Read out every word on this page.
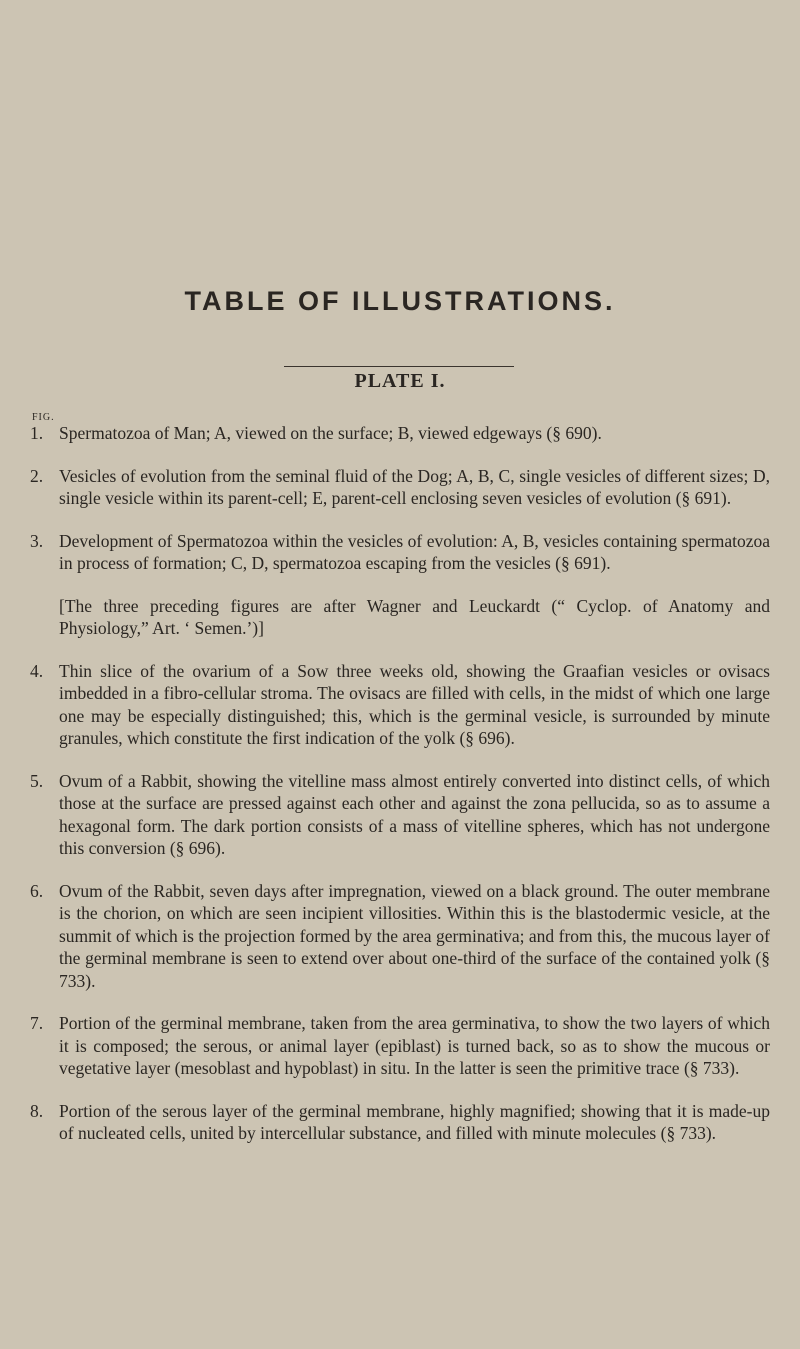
TABLE OF ILLUSTRATIONS.
PLATE I.
FIG.
1. Spermatozoa of Man; A, viewed on the surface; B, viewed edgeways (§ 690).
2. Vesicles of evolution from the seminal fluid of the Dog; A, B, C, single vesicles of different sizes; D, single vesicle within its parent-cell; E, parent-cell enclosing seven vesicles of evolution (§ 691).
3. Development of Spermatozoa within the vesicles of evolution: A, B, vesicles containing spermatozoa in process of formation; C, D, spermatozoa escaping from the vesicles (§ 691).
[The three preceding figures are after Wagner and Leuckardt (“ Cyclop. of Anatomy and Physiology,” Art. ‘ Semen.’)]
4. Thin slice of the ovarium of a Sow three weeks old, showing the Graafian vesicles or ovisacs imbedded in a fibro-cellular stroma. The ovisacs are filled with cells, in the midst of which one large one may be especially distinguished; this, which is the germinal vesicle, is surrounded by minute granules, which constitute the first indication of the yolk (§ 696).
5. Ovum of a Rabbit, showing the vitelline mass almost entirely converted into distinct cells, of which those at the surface are pressed against each other and against the zona pellucida, so as to assume a hexagonal form. The dark portion consists of a mass of vitelline spheres, which has not undergone this conversion (§ 696).
6. Ovum of the Rabbit, seven days after impregnation, viewed on a black ground. The outer membrane is the chorion, on which are seen incipient villosities. Within this is the blastodermic vesicle, at the summit of which is the projection formed by the area germinativa; and from this, the mucous layer of the germinal membrane is seen to extend over about one-third of the surface of the contained yolk (§ 733).
7. Portion of the germinal membrane, taken from the area germinativa, to show the two layers of which it is composed; the serous, or animal layer (epiblast) is turned back, so as to show the mucous or vegetative layer (mesoblast and hypoblast) in situ. In the latter is seen the primitive trace (§ 733).
8. Portion of the serous layer of the germinal membrane, highly magnified; showing that it is made-up of nucleated cells, united by intercellular substance, and filled with minute molecules (§ 733).
